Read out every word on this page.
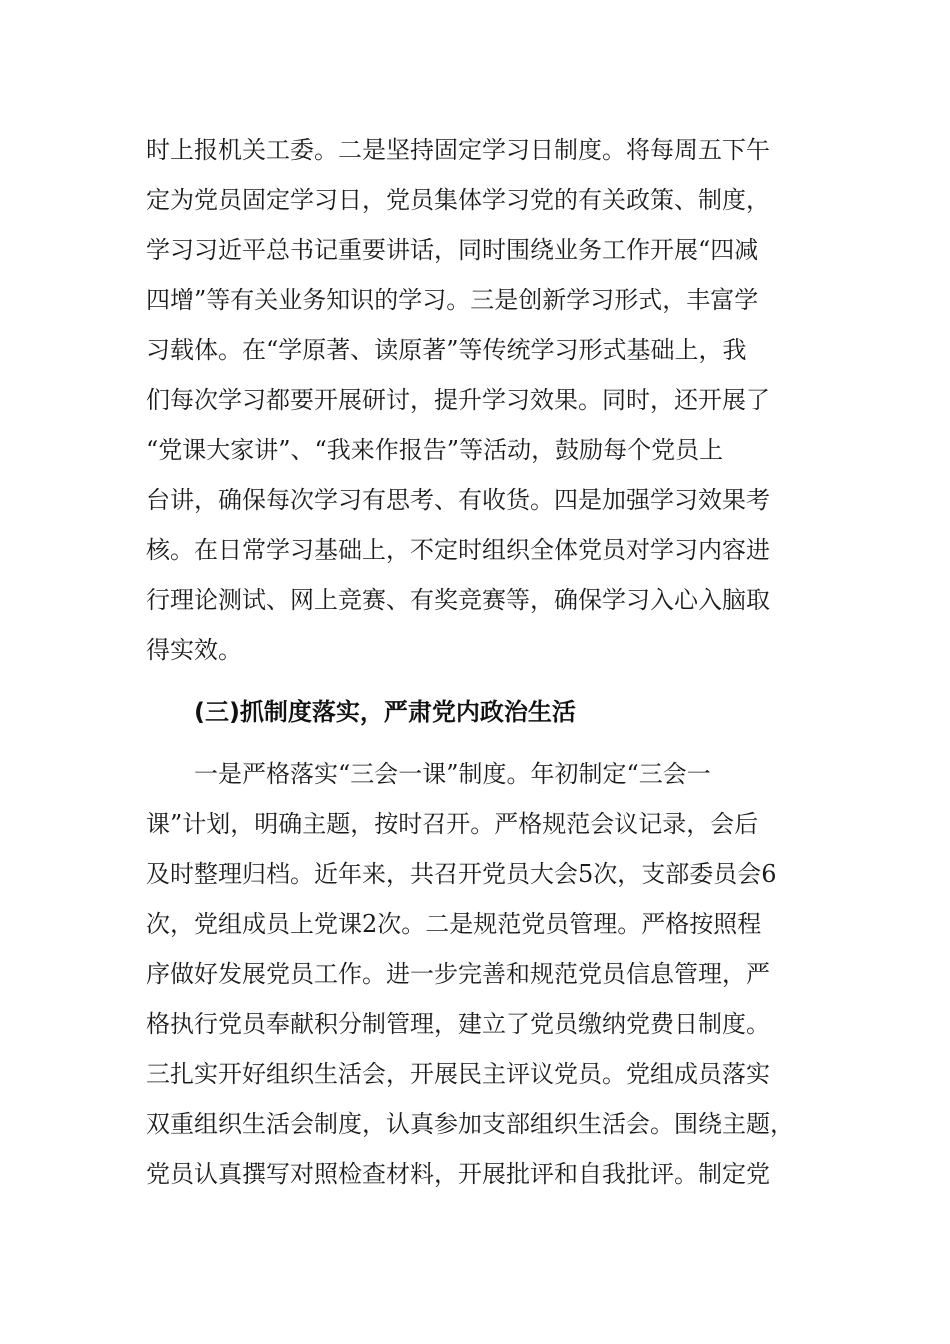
时上报机关工委。二是坚持固定学习日制度。将每周五下午
定为党员固定学习日，党员集体学习党的有关政策、制度，
学习习近平总书记重要讲话，同时围绕业务工作开展“四减
四增”等有关业务知识的学习。三是创新学习形式，丰富学
习载体。在“学原著、读原著”等传统学习形式基础上，我
们每次学习都要开展研讨，提升学习效果。同时，还开展了
“党课大家讲”、“我来作报告”等活动，鼓励每个党员上
台讲，确保每次学习有思考、有收货。四是加强学习效果考
核。在日常学习基础上，不定时组织全体党员对学习内容进
行理论测试、网上竞赛、有奖竞赛等，确保学习入心入脑取
得实效。
(三)抓制度落实，严肃党内政治生活
一是严格落实“三会一课”制度。年初制定“三会一
课”计划，明确主题，按时召开。严格规范会议记录，会后
及时整理归档。近年来，共召开党员大会5次，支部委员会6
次，党组成员上党课2次。二是规范党员管理。严格按照程
序做好发展党员工作。进一步完善和规范党员信息管理，严
格执行党员奉献积分制管理，建立了党员缴纳党费日制度。
三扎实开好组织生活会，开展民主评议党员。党组成员落实
双重组织生活会制度，认真参加支部组织生活会。围绕主题，
党员认真撰写对照检查材料，开展批评和自我批评。制定党
